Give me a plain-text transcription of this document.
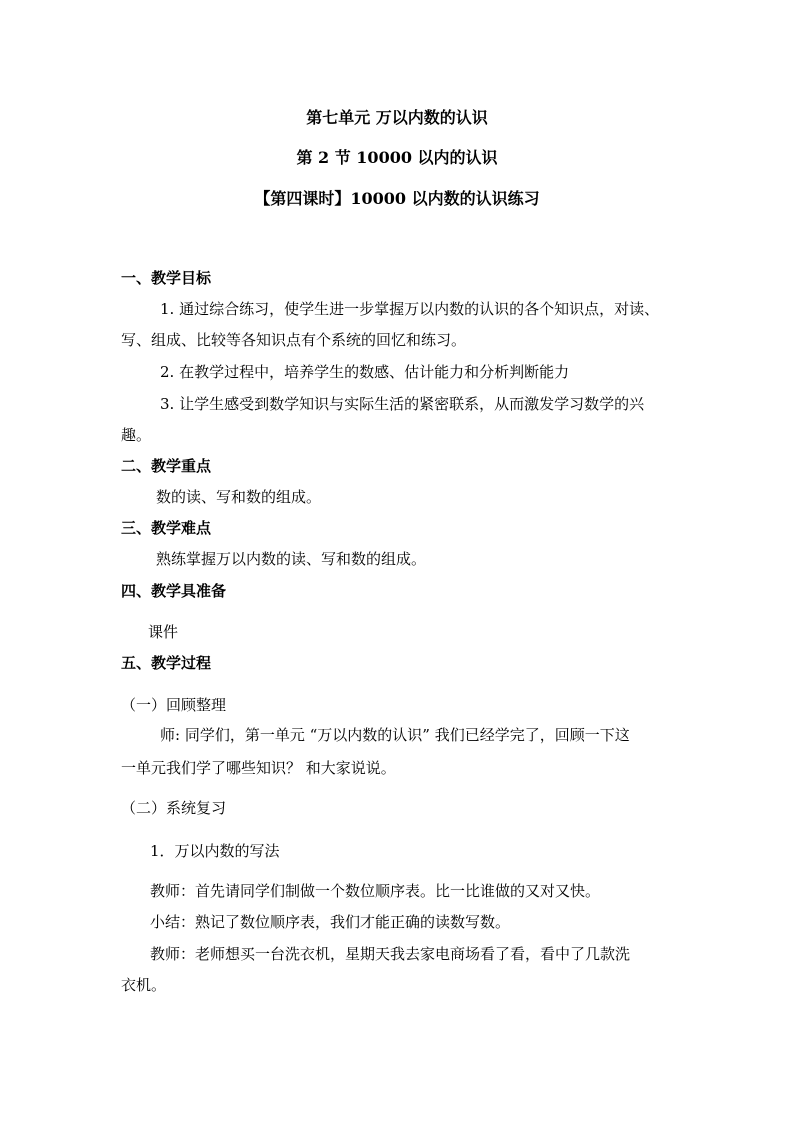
第七单元 万以内数的认识
第 2 节 10000 以内的认识
【第四课时】10000 以内数的认识练习
一、教学目标
1. 通过综合练习，使学生进一步掌握万以内数的认识的各个知识点，对读、
写、组成、比较等各知识点有个系统的回忆和练习。
2. 在教学过程中，培养学生的数感、估计能力和分析判断能力
3. 让学生感受到数学知识与实际生活的紧密联系，从而激发学习数学的兴
趣。
二、教学重点
数的读、写和数的组成。
三、教学难点
熟练掌握万以内数的读、写和数的组成。
四、教学具准备
课件
五、教学过程
（一）回顾整理
师: 同学们，第一单元 “万以内数的认识” 我们已经学完了，回顾一下这
一单元我们学了哪些知识？ 和大家说说。
（二）系统复习
1．万以内数的写法
教师：首先请同学们制做一个数位顺序表。比一比谁做的又对又快。
小结：熟记了数位顺序表，我们才能正确的读数写数。
教师：老师想买一台洗衣机，星期天我去家电商场看了看，看中了几款洗
衣机。
